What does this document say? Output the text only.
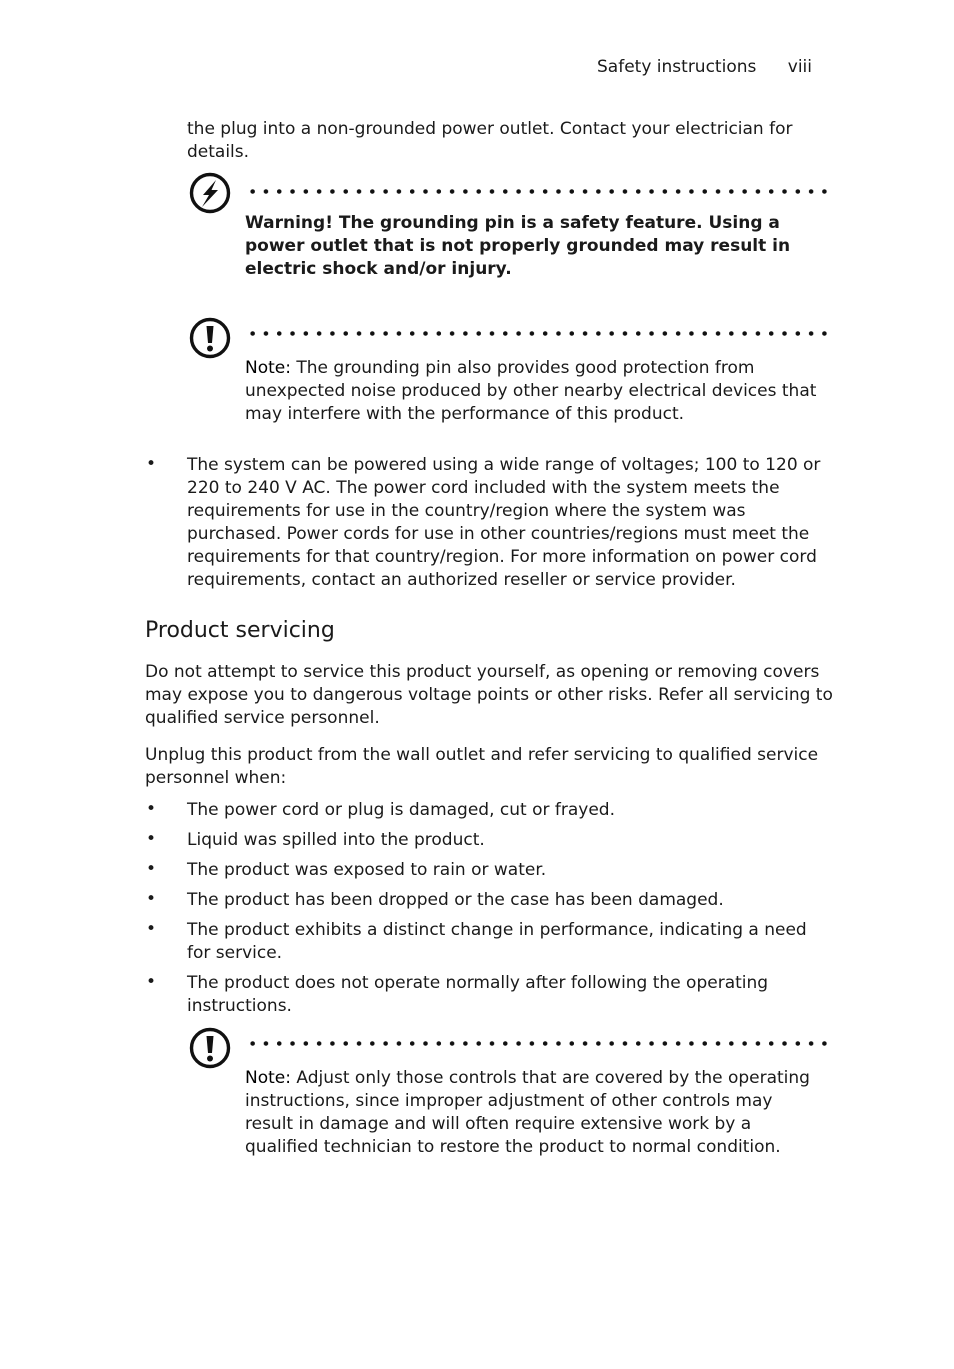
Safety instructions viii
the plug into a non-grounded power outlet. Contact your electrician for details.
Warning! The grounding pin is a safety feature. Using a power outlet that is not properly grounded may result in electric shock and/or injury.
Note: The grounding pin also provides good protection from unexpected noise produced by other nearby electrical devices that may interfere with the performance of this product.
• The system can be powered using a wide range of voltages; 100 to 120 or 220 to 240 V AC. The power cord included with the system meets the requirements for use in the country/region where the system was purchased. Power cords for use in other countries/regions must meet the requirements for that country/region. For more information on power cord requirements, contact an authorized reseller or service provider.
Product servicing
Do not attempt to service this product yourself, as opening or removing covers may expose you to dangerous voltage points or other risks. Refer all servicing to qualified service personnel.
Unplug this product from the wall outlet and refer servicing to qualified service personnel when:
• The power cord or plug is damaged, cut or frayed.
• Liquid was spilled into the product.
• The product was exposed to rain or water.
• The product has been dropped or the case has been damaged.
• The product exhibits a distinct change in performance, indicating a need for service.
• The product does not operate normally after following the operating instructions.
Note: Adjust only those controls that are covered by the operating instructions, since improper adjustment of other controls may result in damage and will often require extensive work by a qualified technician to restore the product to normal condition.
